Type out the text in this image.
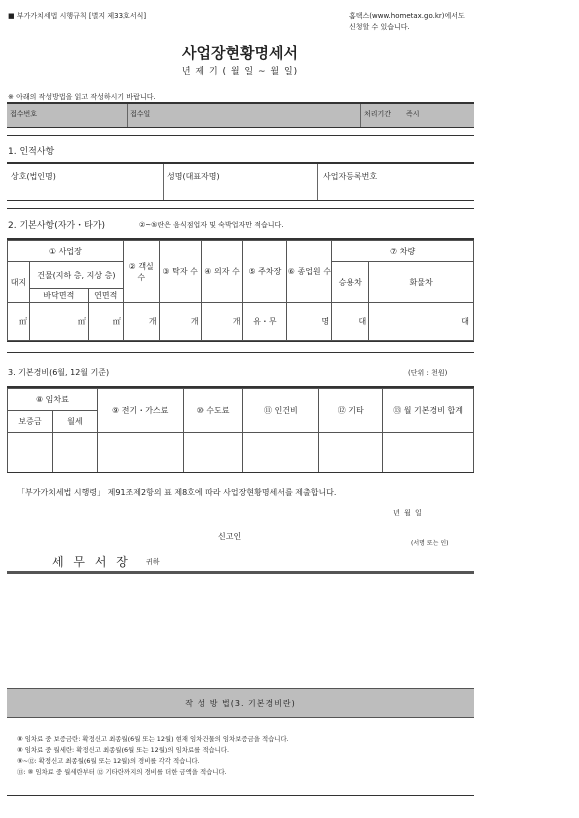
■ 부가가치세법 시행규칙 [별지 제33호서식]	홈택스(www.hometax.go.kr)에서도 신청할 수 있습니다.
사업장현황명세서
년 제 기 ( 월 일 ~ 월 일)
※ 아래의 작성방법을 읽고 작성하시기 바랍니다.
접수번호	접수일	처리기간 즉시
1. 인적사항
상호(법인명)	성명(대표자명)	사업자등록번호
2. 기본사항(자가・타가)	②~⑤란은 음식점업자 및 숙박업자만 적습니다.
① 사업장			② 객실 수	③ 탁자 수	④ 의자 수	⑤ 주차장	⑥ 종업원 수	⑦ 차량	
대지	건물(지하 층, 지상 층)							승용차	화물차
	바닥면적	연면적							
㎡	㎡	㎡	개	개	개	유・무	명	대	대
3. 기본경비(6월, 12월 기준)	(단위 : 천원)
⑧ 임차료		⑨ 전기・가스료	⑩ 수도료	⑪ 인건비	⑫ 기타	⑬ 월 기본경비 합계
보증금	월세					

「부가가치세법 시행령」 제91조제2항의 표 제8호에 따라 사업장현황명세서를 제출합니다.
년 월 일
신고인
(서명 또는 인)
세 무 서 장 귀하
작 성 방 법(3. 기본경비란)
⑧ 임차료 중 보증금란: 확정신고 최종월(6월 또는 12월) 현재 임차건물의 임차보증금을 적습니다.
⑧ 임차료 중 월세란: 확정신고 최종월(6월 또는 12월)의 임차료를 적습니다.
⑨~⑫: 확정신고 최종월(6월 또는 12월)의 경비를 각각 적습니다.
⑬: ⑧ 임차료 중 월세란부터 ⑫ 기타란까지의 경비를 더한 금액을 적습니다.
